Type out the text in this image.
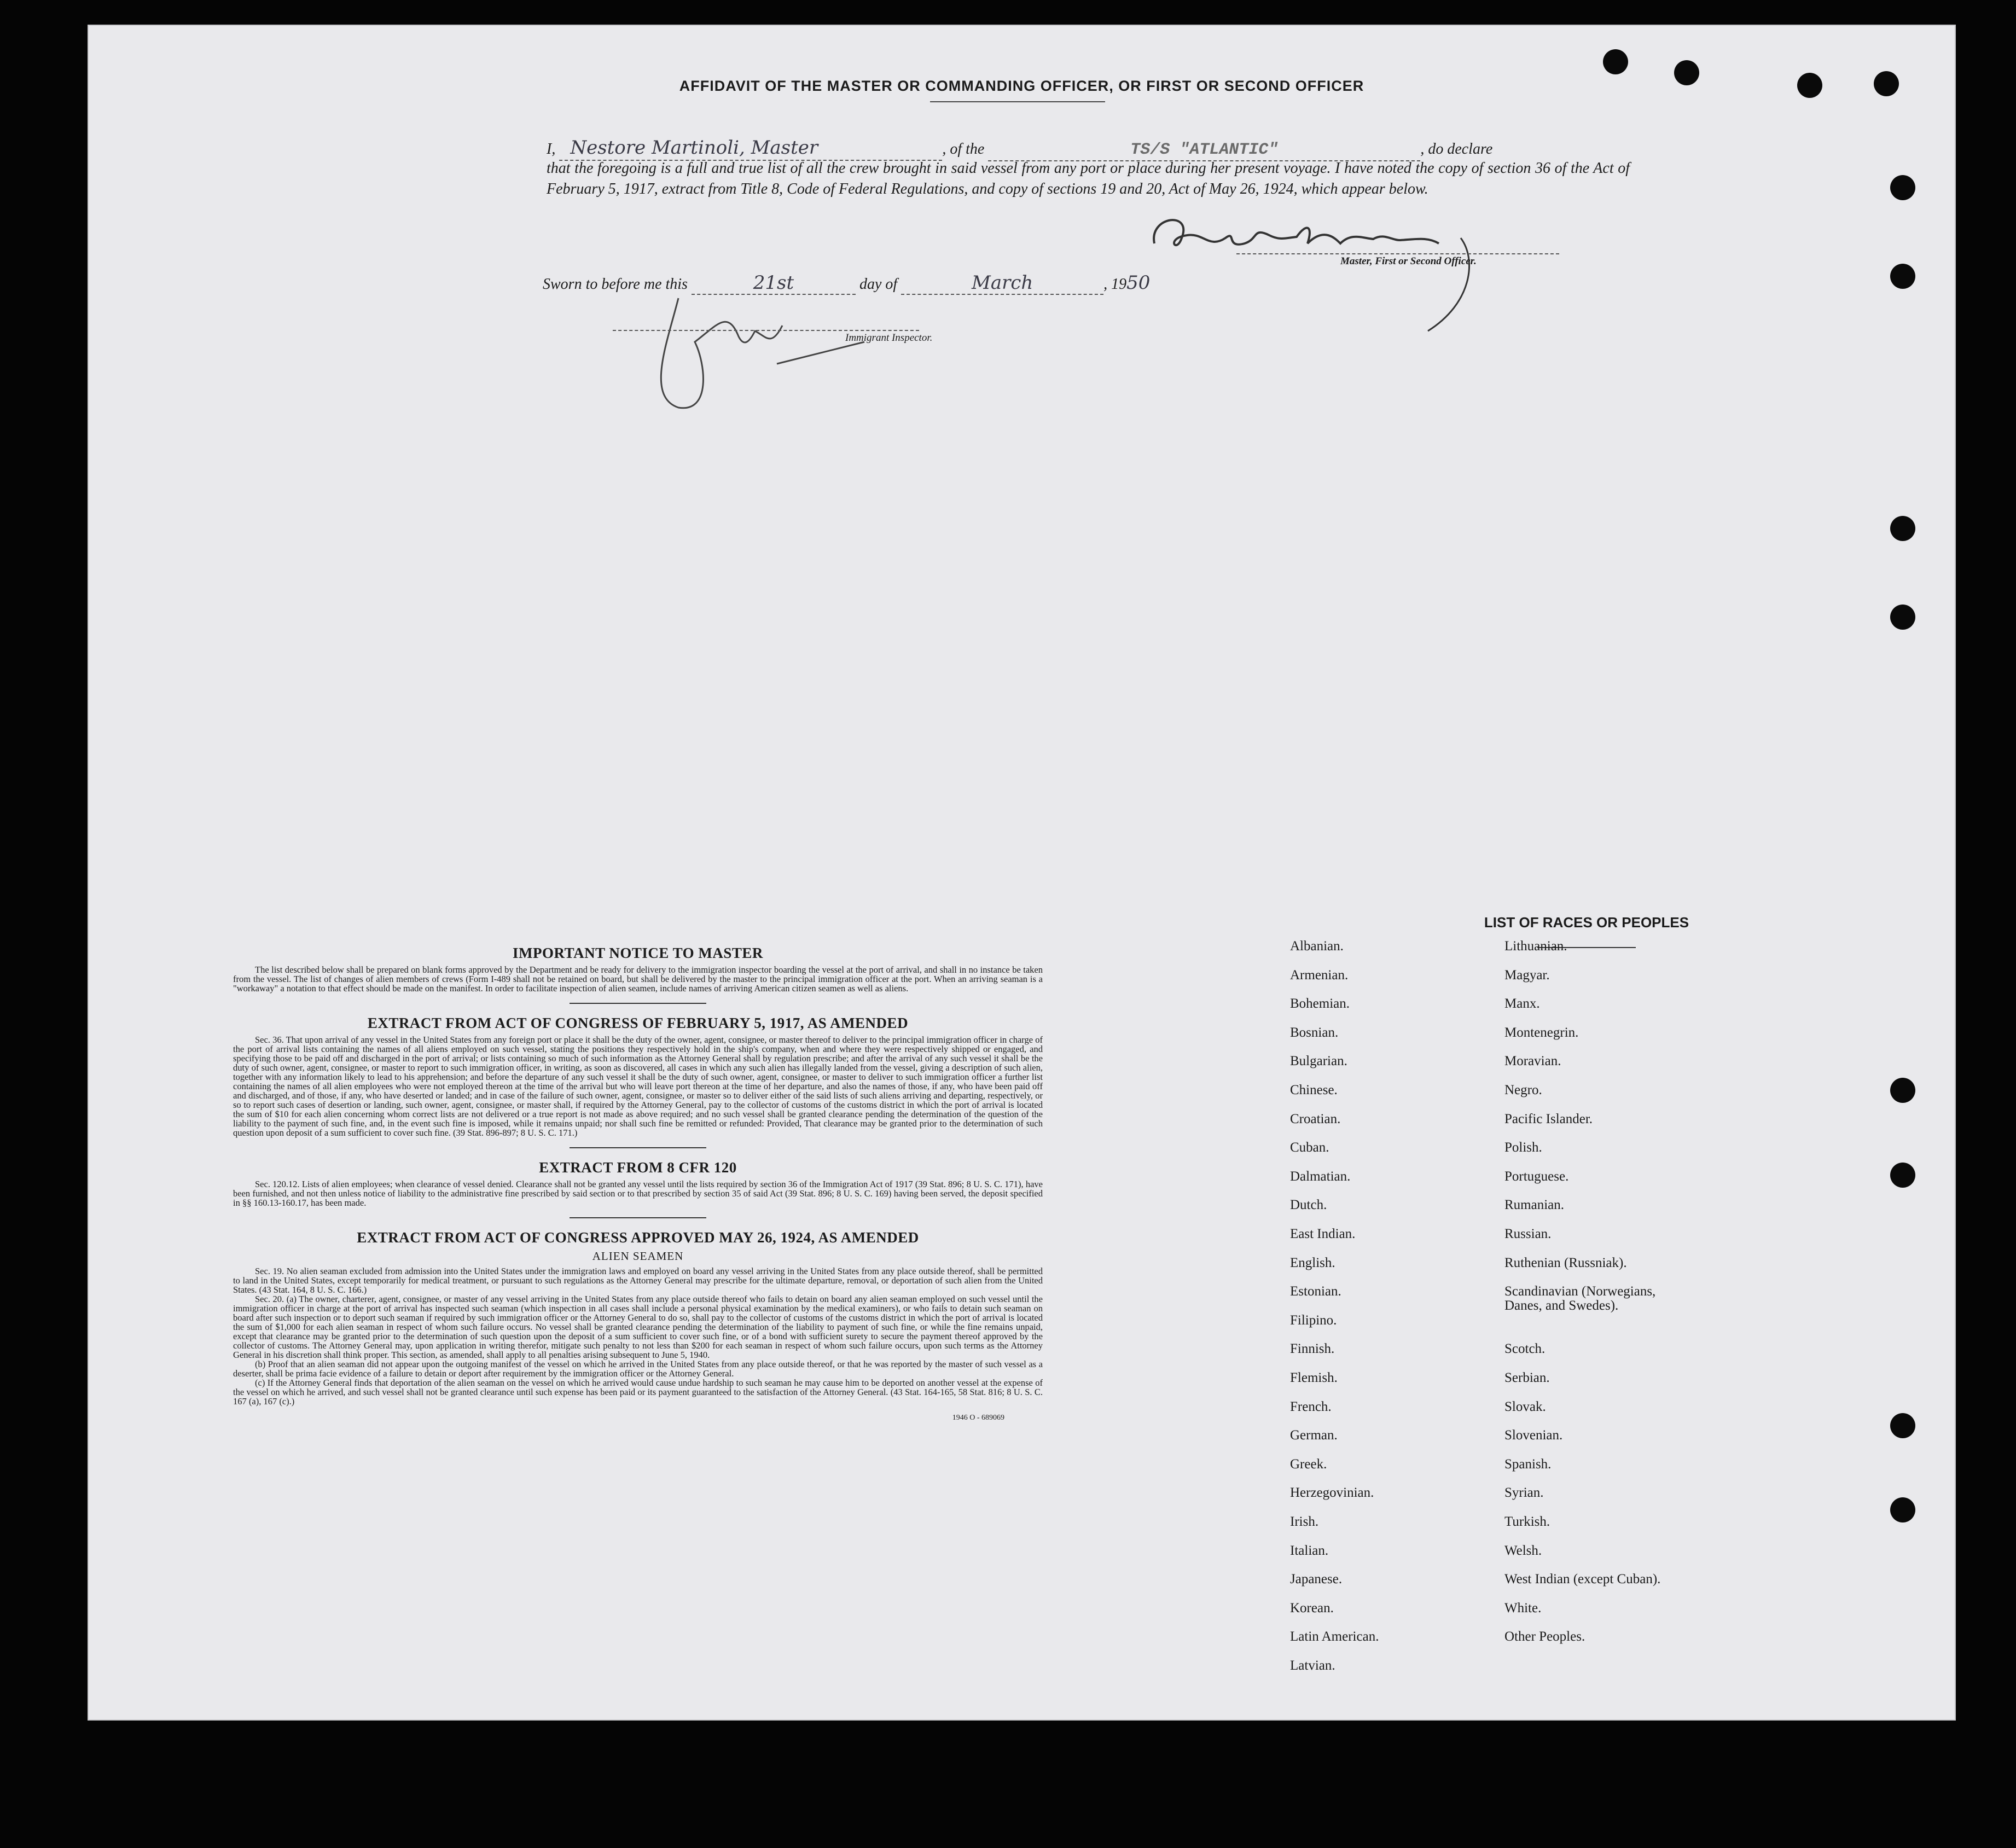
AFFIDAVIT OF THE MASTER OR COMMANDING OFFICER, OR FIRST OR SECOND OFFICER
I, Nestore Martinoli, Master	, of the	TS/S "ATLANTIC"	, do declare
that the foregoing is a full and true list of all the crew brought in said vessel from any port or place during her present voyage. I have noted the copy of section 36 of the Act of February 5, 1917, extract from Title 8, Code of Federal Regulations, and copy of sections 19 and 20, Act of May 26, 1924, which appear below.
Master, First or Second Officer.
Sworn to before me this	21st	day of	March	, 1950
Immigrant Inspector.

IMPORTANT NOTICE TO MASTER

The list described below shall be prepared on blank forms approved by the Department and be ready for delivery to the immigration inspector boarding the vessel at the port of arrival, and shall in no instance be taken from the vessel. The list of changes of alien members of crews (Form I-489 shall not be retained on board, but shall be delivered by the master to the principal immigration officer at the port. When an arriving seaman is a "workaway" a notation to that effect should be made on the manifest. In order to facilitate inspection of alien seamen, include names of arriving American citizen seamen as well as aliens.

EXTRACT FROM ACT OF CONGRESS OF FEBRUARY 5, 1917, AS AMENDED

Sec. 36. That upon arrival of any vessel in the United States from any foreign port or place it shall be the duty of the owner, agent, consignee, or master thereof to deliver to the principal immigration officer in charge of the port of arrival lists containing the names of all aliens employed on such vessel, stating the positions they respectively hold in the ship's company, when and where they were respectively shipped or engaged, and specifying those to be paid off and discharged in the port of arrival; or lists containing so much of such information as the Attorney General shall by regulation prescribe; and after the arrival of any such vessel it shall be the duty of such owner, agent, consignee, or master to report to such immigration officer, in writing, as soon as discovered, all cases in which any such alien has illegally landed from the vessel, giving a description of such alien, together with any information likely to lead to his apprehension; and before the departure of any such vessel it shall be the duty of such owner, agent, consignee, or master to deliver to such immigration officer a further list containing the names of all alien employees who were not employed thereon at the time of the arrival but who will leave port thereon at the time of her departure, and also the names of those, if any, who have been paid off and discharged, and of those, if any, who have deserted or landed; and in case of the failure of such owner, agent, consignee, or master so to deliver either of the said lists of such aliens arriving and departing, respectively, or so to report such cases of desertion or landing, such owner, agent, consignee, or master shall, if required by the Attorney General, pay to the collector of customs of the customs district in which the port of arrival is located the sum of $10 for each alien concerning whom correct lists are not delivered or a true report is not made as above required; and no such vessel shall be granted clearance pending the determination of the question of the liability to the payment of such fine, and, in the event such fine is imposed, while it remains unpaid; nor shall such fine be remitted or refunded: Provided, That clearance may be granted prior to the determination of such question upon deposit of a sum sufficient to cover such fine. (39 Stat. 896-897; 8 U. S. C. 171.)

EXTRACT FROM 8 CFR 120

Sec. 120.12. Lists of alien employees; when clearance of vessel denied. Clearance shall not be granted any vessel until the lists required by section 36 of the Immigration Act of 1917 (39 Stat. 896; 8 U. S. C. 171), have been furnished, and not then unless notice of liability to the administrative fine prescribed by said section or to that prescribed by section 35 of said Act (39 Stat. 896; 8 U. S. C. 169) having been served, the deposit specified in §§ 160.13-160.17, has been made.

EXTRACT FROM ACT OF CONGRESS APPROVED MAY 26, 1924, AS AMENDED

ALIEN SEAMEN

Sec. 19. No alien seaman excluded from admission into the United States under the immigration laws and employed on board any vessel arriving in the United States from any place outside thereof, shall be permitted to land in the United States, except temporarily for medical treatment, or pursuant to such regulations as the Attorney General may prescribe for the ultimate departure, removal, or deportation of such alien from the United States. (43 Stat. 164, 8 U. S. C. 166.)

Sec. 20. (a) The owner, charterer, agent, consignee, or master of any vessel arriving in the United States from any place outside thereof who fails to detain on board any alien seaman employed on such vessel until the immigration officer in charge at the port of arrival has inspected such seaman (which inspection in all cases shall include a personal physical examination by the medical examiners), or who fails to detain such seaman on board after such inspection or to deport such seaman if required by such immigration officer or the Attorney General to do so, shall pay to the collector of customs of the customs district in which the port of arrival is located the sum of $1,000 for each alien seaman in respect of whom such failure occurs. No vessel shall be granted clearance pending the determination of the liability to payment of such fine, or while the fine remains unpaid, except that clearance may be granted prior to the determination of such question upon the deposit of a sum sufficient to cover such fine, or of a bond with sufficient surety to secure the payment thereof approved by the collector of customs. The Attorney General may, upon application in writing therefor, mitigate such penalty to not less than $200 for each seaman in respect of whom such failure occurs, upon such terms as the Attorney General in his discretion shall think proper. This section, as amended, shall apply to all penalties arising subsequent to June 5, 1940.

(b) Proof that an alien seaman did not appear upon the outgoing manifest of the vessel on which he arrived in the United States from any place outside thereof, or that he was reported by the master of such vessel as a deserter, shall be prima facie evidence of a failure to detain or deport after requirement by the immigration officer or the Attorney General.

(c) If the Attorney General finds that deportation of the alien seaman on the vessel on which he arrived would cause undue hardship to such seaman he may cause him to be deported on another vessel at the expense of the vessel on which he arrived, and such vessel shall not be granted clearance until such expense has been paid or its payment guaranteed to the satisfaction of the Attorney General. (43 Stat. 164-165, 58 Stat. 816; 8 U. S. C. 167 (a), 167 (c).)

1946 O - 689069
LIST OF RACES OR PEOPLES
Albanian.
Armenian.
Bohemian.
Bosnian.
Bulgarian.
Chinese.
Croatian.
Cuban.
Dalmatian.
Dutch.
East Indian.
English.
Estonian.
Filipino.
Finnish.
Flemish.
French.
German.
Greek.
Herzegovinian.
Irish.
Italian.
Japanese.
Korean.
Latin American.
Latvian.
Lithuanian.
Magyar.
Manx.
Montenegrin.
Moravian.
Negro.
Pacific Islander.
Polish.
Portuguese.
Rumanian.
Russian.
Ruthenian (Russniak).
Scandinavian (Norwegians,
Danes, and Swedes).
Scotch.
Serbian.
Slovak.
Slovenian.
Spanish.
Syrian.
Turkish.
Welsh.
West Indian (except Cuban).
White.
Other Peoples.
